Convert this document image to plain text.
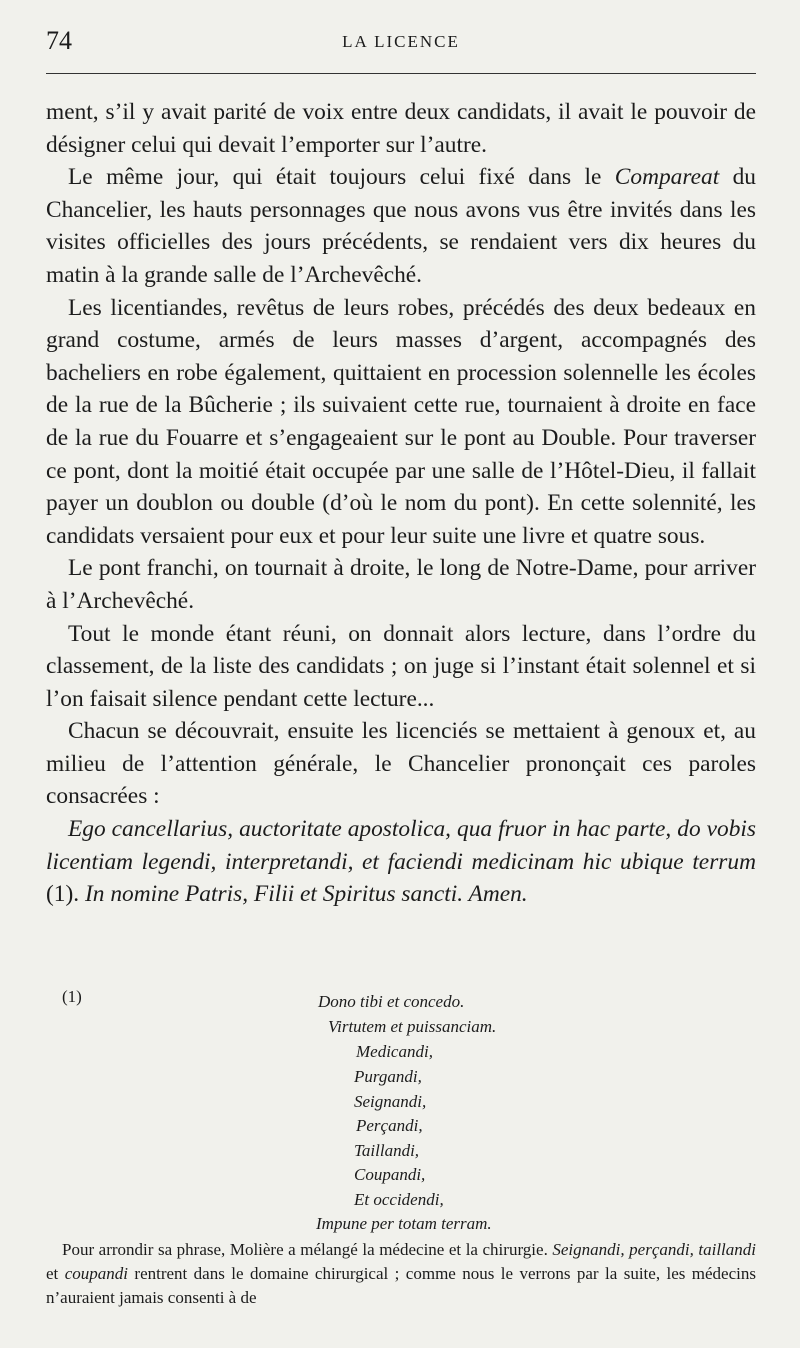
74	LA LICENCE

ment, s’il y avait parité de voix entre deux candidats, il avait le pouvoir de désigner celui qui devait l’emporter sur l’autre.

Le même jour, qui était toujours celui fixé dans le Compareat du Chancelier, les hauts personnages que nous avons vus être invités dans les visites officielles des jours précédents, se rendaient vers dix heures du matin à la grande salle de l’Archevêché.

Les licentiandes, revêtus de leurs robes, précédés des deux bedeaux en grand costume, armés de leurs masses d’argent, accompagnés des bacheliers en robe également, quittaient en procession solennelle les écoles de la rue de la Bûcherie ; ils suivaient cette rue, tournaient à droite en face de la rue du Fouarre et s’engageaient sur le pont au Double. Pour traverser ce pont, dont la moitié était occupée par une salle de l’Hôtel-Dieu, il fallait payer un doublon ou double (d’où le nom du pont). En cette solennité, les candidats versaient pour eux et pour leur suite une livre et quatre sous.

Le pont franchi, on tournait à droite, le long de Notre-Dame, pour arriver à l’Archevêché.

Tout le monde étant réuni, on donnait alors lecture, dans l’ordre du classement, de la liste des candidats ; on juge si l’instant était solennel et si l’on faisait silence pendant cette lecture...

Chacun se découvrait, ensuite les licenciés se mettaient à genoux et, au milieu de l’attention générale, le Chancelier prononçait ces paroles consacrées :

Ego cancellarius, auctoritate apostolica, qua fruor in hac parte, do vobis licentiam legendi, interpretandi, et faciendi medicinam hic ubique terrum (1). In nomine Patris, Filii et Spiritus sancti. Amen.

(1)	Dono tibi et concedo.
Virtutem et puissanciam.
Medicandi,
Purgandi,
Seignandi,
Perçandi,
Taillandi,
Coupandi,
Et occidendi,
Impune per totam terram.

Pour arrondir sa phrase, Molière a mélangé la médecine et la chirurgie. Seignandi, perçandi, taillandi et coupandi rentrent dans le domaine chirurgical ; comme nous le verrons par la suite, les médecins n’auraient jamais consenti à de
